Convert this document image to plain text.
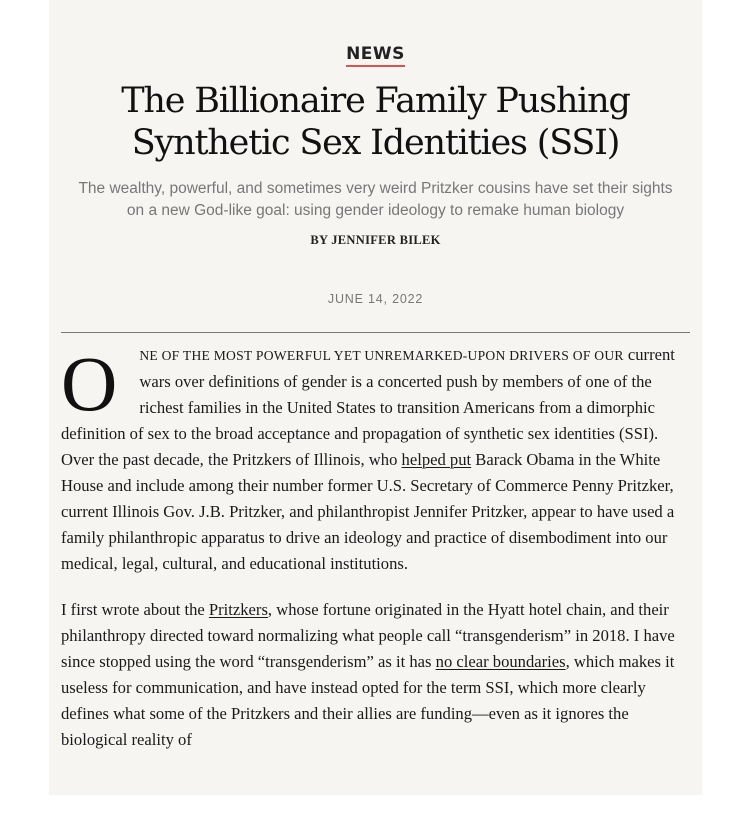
NEWS
The Billionaire Family Pushing Synthetic Sex Identities (SSI)

The wealthy, powerful, and sometimes very weird Pritzker cousins have set their sights on a new God-like goal: using gender ideology to remake human biology

BY JENNIFER BILEK
JUNE 14, 2022

O NE OF THE MOST POWERFUL YET UNREMARKED-UPON DRIVERS OF OUR current wars over definitions of gender is a concerted push by members of one of the richest families in the United States to transition Americans from a dimorphic definition of sex to the broad acceptance and propagation of synthetic sex identities (SSI). Over the past decade, the Pritzkers of Illinois, who helped put Barack Obama in the White House and include among their number former U.S. Secretary of Commerce Penny Pritzker, current Illinois Gov. J.B. Pritzker, and philanthropist Jennifer Pritzker, appear to have used a family philanthropic apparatus to drive an ideology and practice of disembodiment into our medical, legal, cultural, and educational institutions.

I first wrote about the Pritzkers, whose fortune originated in the Hyatt hotel chain, and their philanthropy directed toward normalizing what people call “transgenderism” in 2018. I have since stopped using the word “transgenderism” as it has no clear boundaries, which makes it useless for communication, and have instead opted for the term SSI, which more clearly defines what some of the Pritzkers and their allies are funding—even as it ignores the biological reality of
